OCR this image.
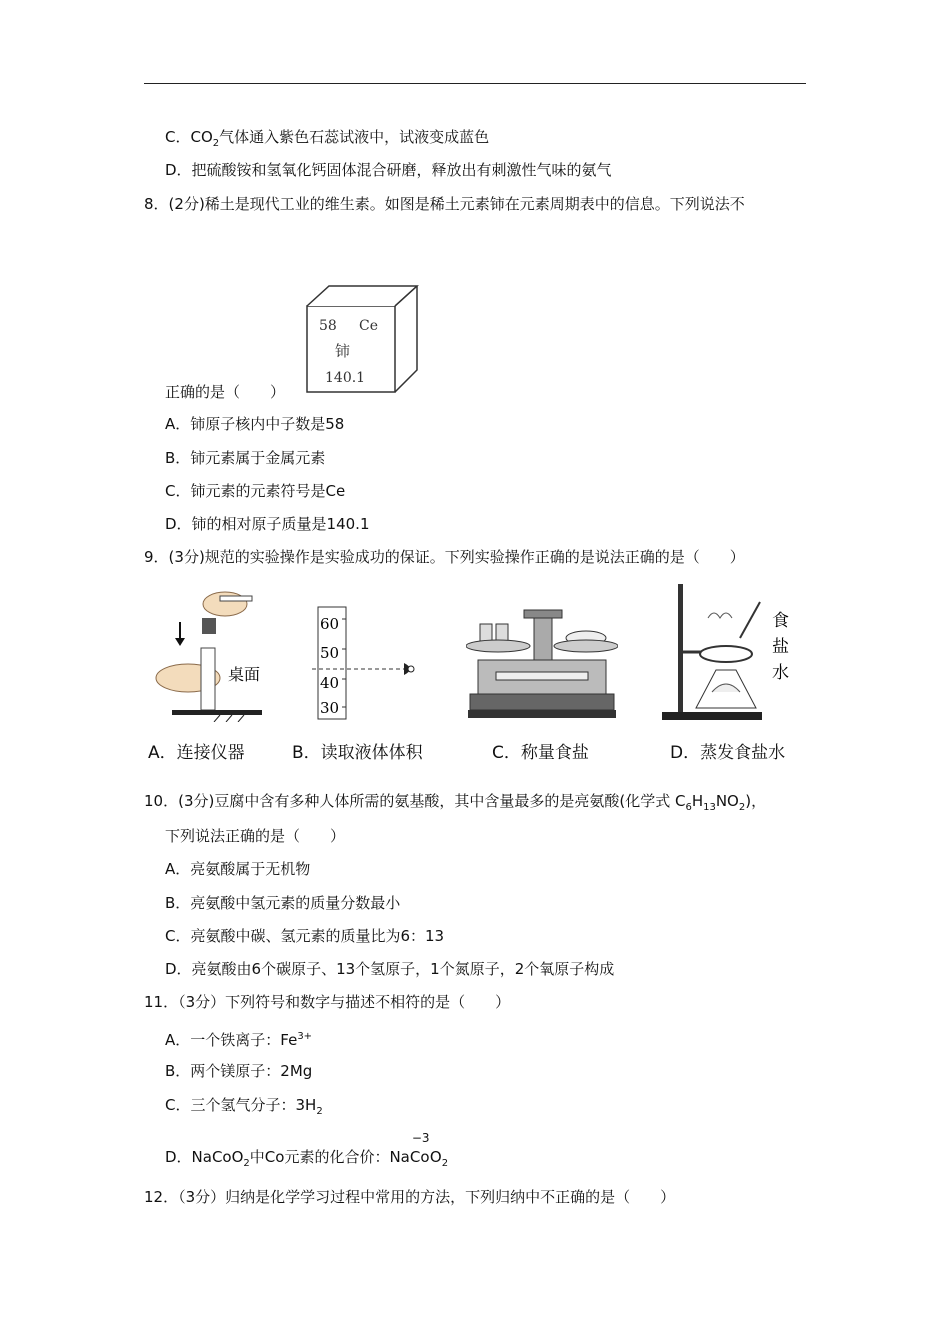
C．$CO_2$气体通入紫色石蕊试液中，试液变成蓝色
D．把硫酸铵和氢氧化钙固体混合研磨，释放出有刺激性气味的氨气
8．(2分)稀土是现代工业的维生素。如图是稀土元素铈在元素周期表中的信息。下列说法不
58 Ce
铈
140.1
正确的是（　　）
A．铈原子核内中子数是58
B．铈元素属于金属元素
C．铈元素的元素符号是Ce
D．铈的相对原子质量是140.1
9．(3分)规范的实验操作是实验成功的保证。下列实验操作正确的是说法正确的是（　　）
桌面
60
50
40
30
食
盐
水
A．连接仪器	B．读取液体体积	C．称量食盐	D．蒸发食盐水
10．(3分)豆腐中含有多种人体所需的氨基酸，其中含量最多的是亮氨酸(化学式 $C_6H_{13}NO_2$)，
下列说法正确的是（　　）
A．亮氨酸属于无机物
B．亮氨酸中氢元素的质量分数最小
C．亮氨酸中碳、氢元素的质量比为6：13
D．亮氨酸由6个碳原子、13个氢原子，1个氮原子，2个氧原子构成
11．（3分）下列符号和数字与描述不相符的是（　　）
A．一个铁离子：$Fe^{3+}$
B．两个镁原子：2Mg
C．三个氢气分子：$3H_2$
D．NaCoO$_2$中Co元素的化合价：Na
−3
Co $O_2$
12．（3分）归纳是化学学习过程中常用的方法，下列归纳中不正确的是（　　）
